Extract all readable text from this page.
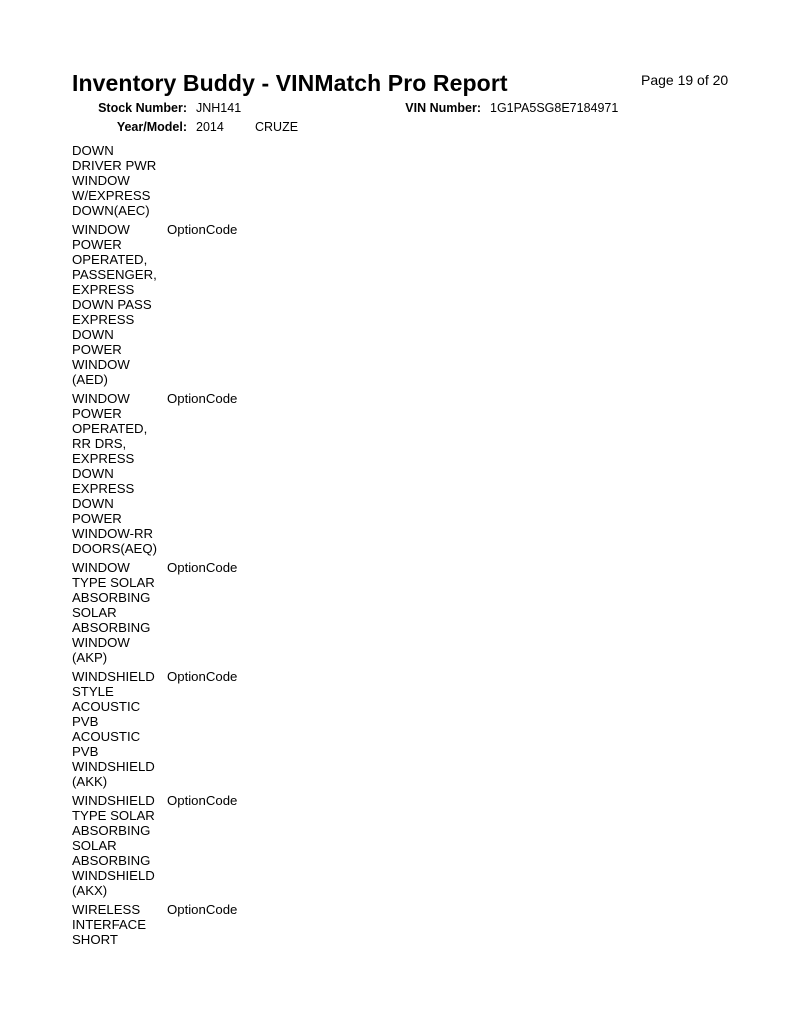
Inventory Buddy - VINMatch Pro Report	Page 19 of 20
Stock Number: JNH141	VIN Number: 1G1PA5SG8E7184971
Year/Model: 2014 CRUZE
DOWN
DRIVER PWR
WINDOW
W/EXPRESS
DOWN(AEC)
WINDOW
POWER
OPERATED,
PASSENGER,
EXPRESS
DOWN PASS
EXPRESS
DOWN
POWER
WINDOW
(AED)
OptionCode
WINDOW
POWER
OPERATED,
RR DRS,
EXPRESS
DOWN
EXPRESS
DOWN
POWER
WINDOW-RR
DOORS(AEQ)
OptionCode
WINDOW
TYPE SOLAR
ABSORBING
SOLAR
ABSORBING
WINDOW
(AKP)
OptionCode
WINDSHIELD
STYLE
ACOUSTIC
PVB
ACOUSTIC
PVB
WINDSHIELD
(AKK)
OptionCode
WINDSHIELD
TYPE SOLAR
ABSORBING
SOLAR
ABSORBING
WINDSHIELD
(AKX)
OptionCode
WIRELESS
INTERFACE
SHORT
OptionCode
